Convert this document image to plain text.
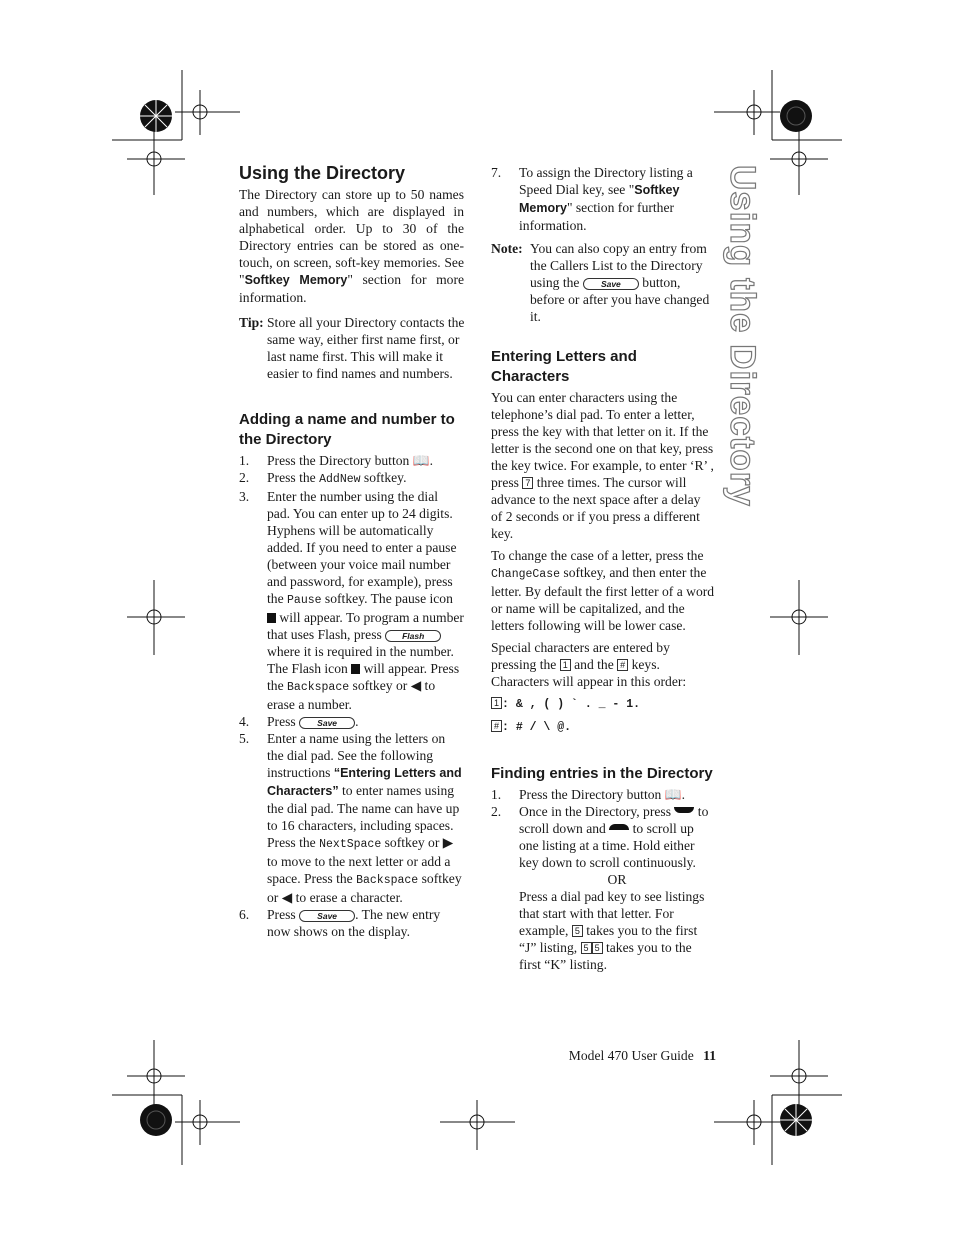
Using the Directory
Using the Directory

The Directory can store up to 50 names and numbers, which are displayed in alphabetical order. Up to 30 of the Directory entries can be stored as one-touch, on screen, soft-key memories. See "Softkey Memory" section for more information.

Tip: Store all your Directory contacts the same way, either first name first, or last name first. This will make it easier to find names and numbers.
Adding a name and number to the Directory

1. Press the Directory button 📖.

2. Press the AddNew softkey.

3. Enter the number using the dial pad. You can enter up to 24 digits. Hyphens will be automatically added. If you need to enter a pause (between your voice mail number and password, for example), press the Pause softkey. The pause icon  will appear. To program a number that uses Flash, press Flash where it is required in the number. The Flash icon  will appear. Press the Backspace softkey or ◀ to erase a number.

4. Press Save .

5. Enter a name using the letters on the dial pad. See the following instructions “Entering Letters and Characters” to enter names using the dial pad. The name can have up to 16 characters, including spaces. Press the NextSpace softkey or ▶ to move to the next letter or add a space. Press the Backspace softkey or ◀ to erase a character.

6. Press Save . The new entry now shows on the display.

7. To assign the Directory listing a Speed Dial key, see "Softkey Memory" section for further information.

Note: You can also copy an entry from the Callers List to the Directory using the Save button, before or after you have changed it.
Entering Letters and Characters

You can enter characters using the telephone’s dial pad. To enter a letter, press the key with that letter on it. If the letter is the second one on that key, press the key twice. For example, to enter ‘R’ , press 7 three times. The cursor will advance to the next space after a delay of 2 seconds or if you press a different key.

To change the case of a letter, press the ChangeCase softkey, and then enter the letter. By default the first letter of a word or name will be capitalized, and the letters following will be lower case.

Special characters are entered by pressing the 1 and the # keys. Characters will appear in this order:

1 : & , ( ) ` . _ - 1.

# : # / \ @.

Finding entries in the Directory

1. Press the Directory button 📖.

2. Once in the Directory, press  to scroll down and  to scroll up one listing at a time. Hold either key down to scroll continuously.
OR
Press a dial pad key to see listings that start with that letter. For example, 5 takes you to the first “J” listing, 5 5 takes you to the first “K” listing.
Model 470 User Guide 11
